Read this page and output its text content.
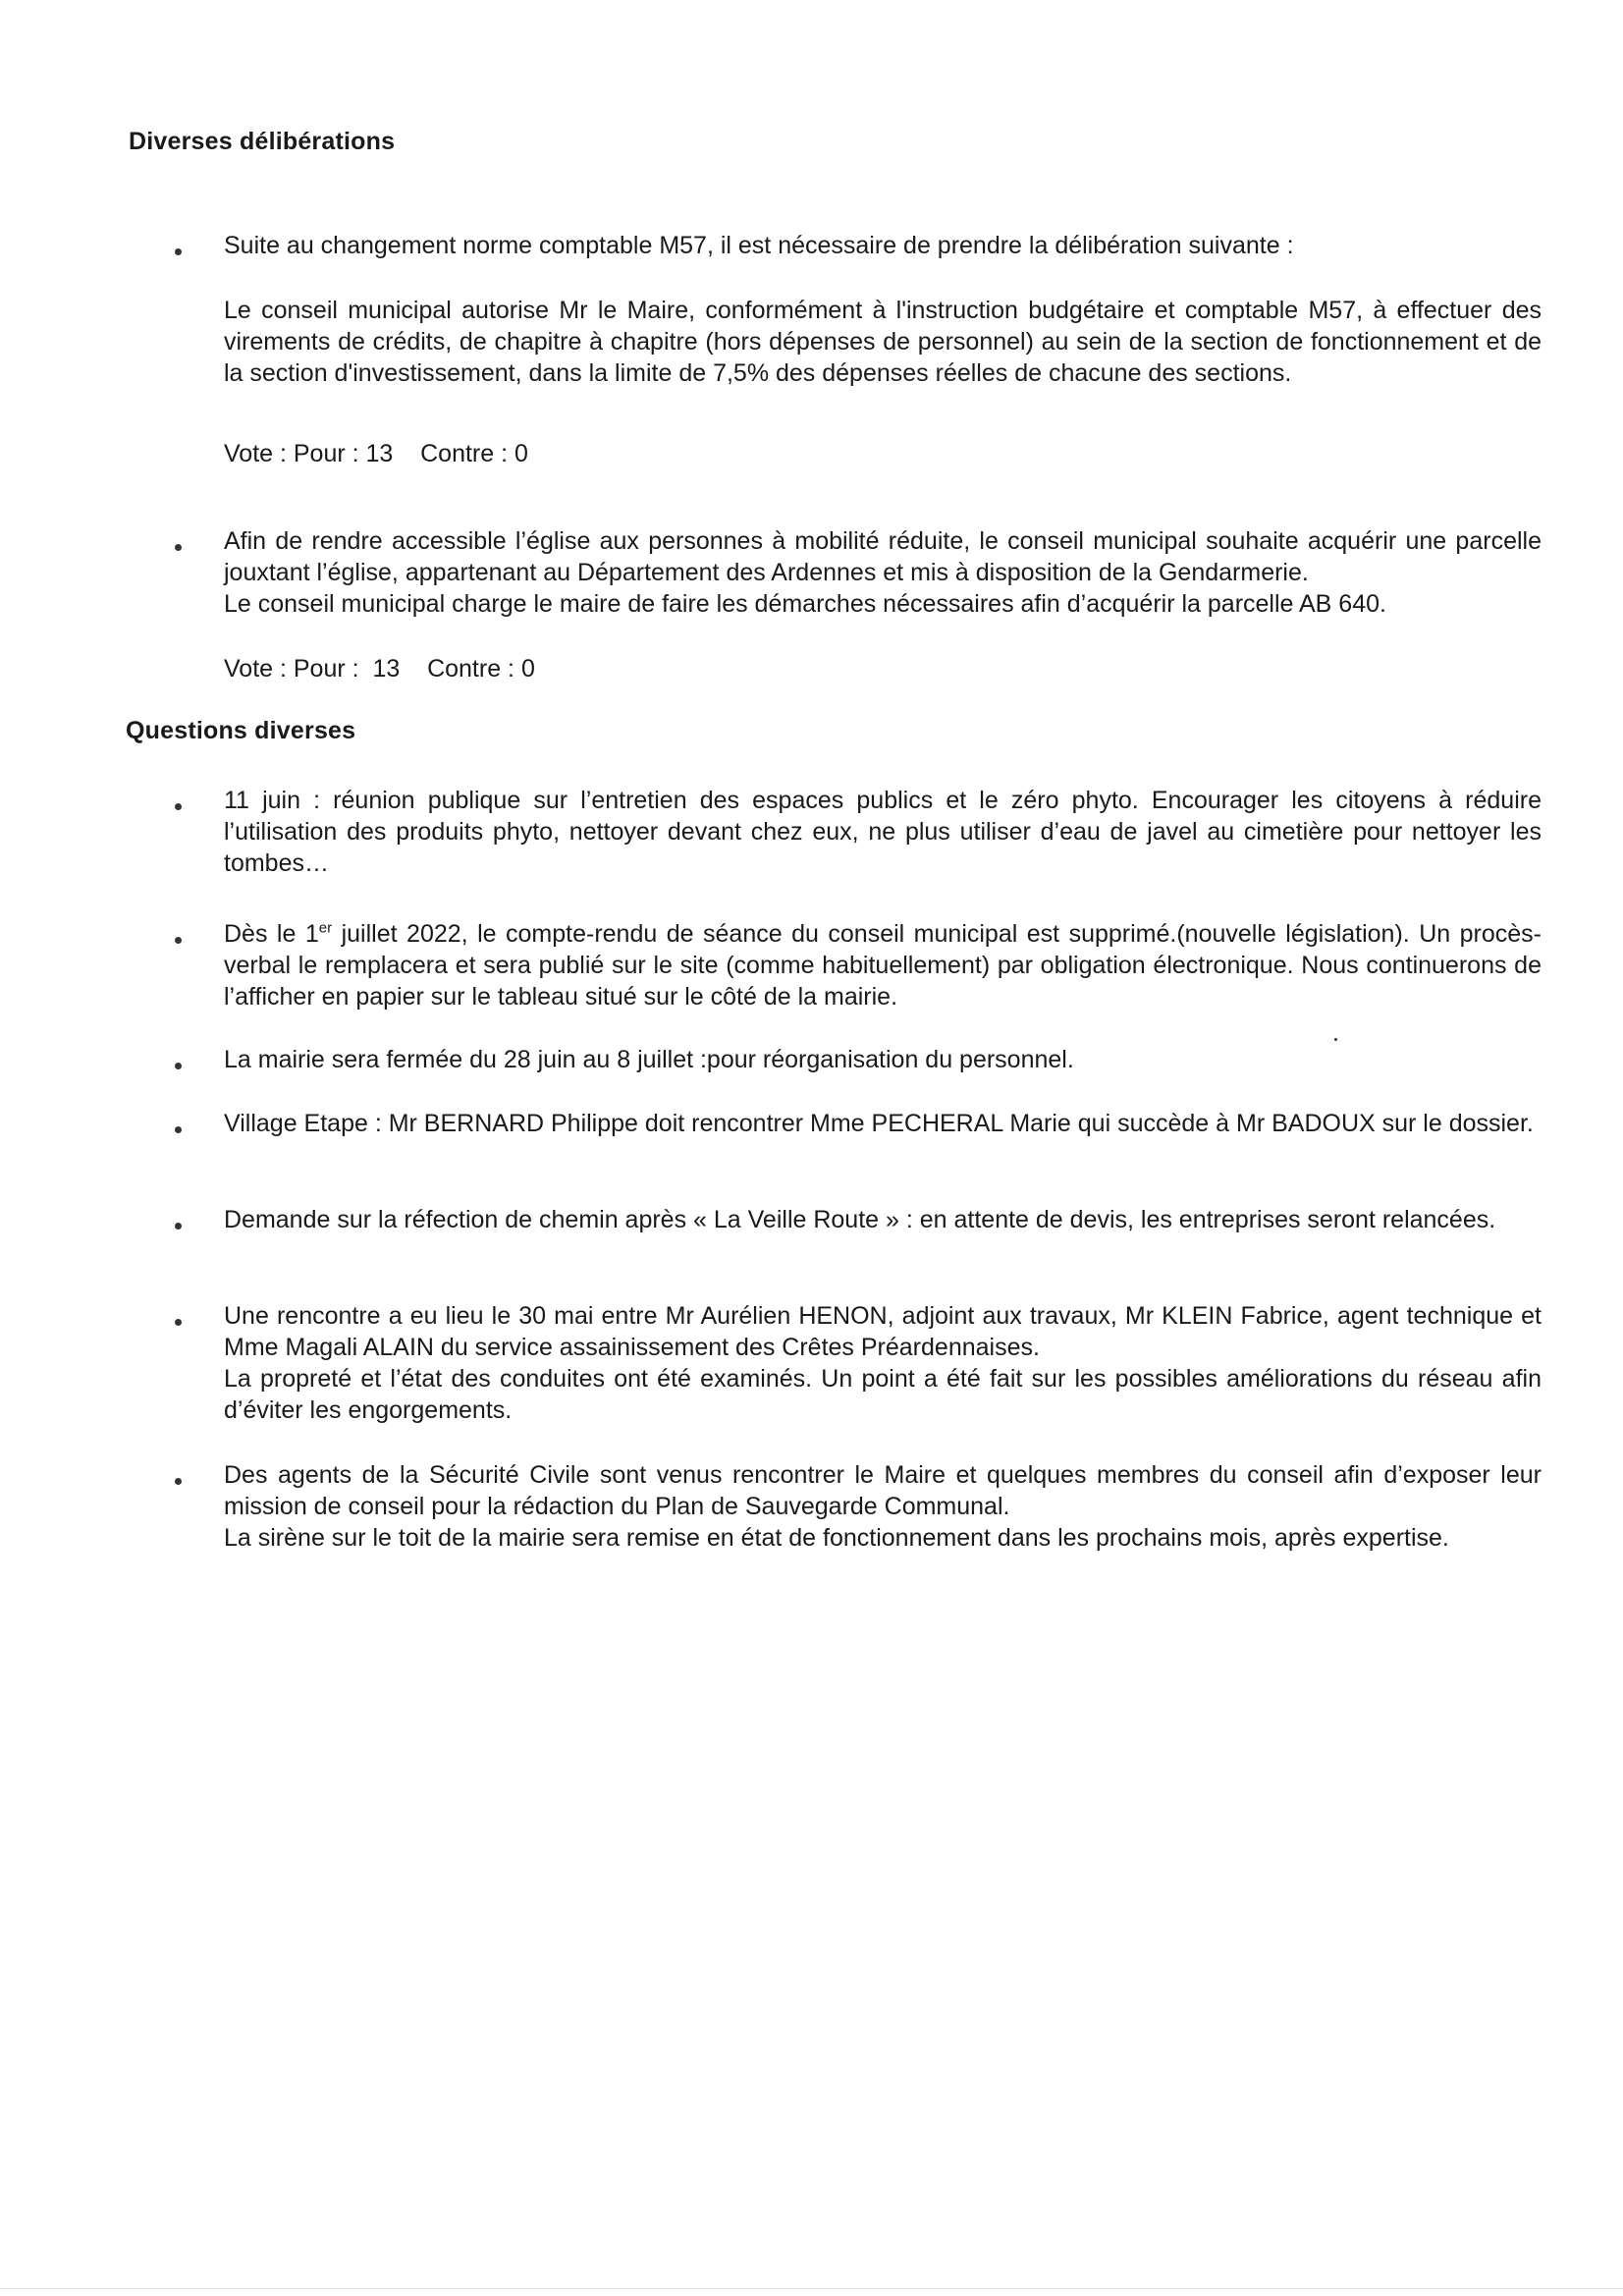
Diverses délibérations

Suite au changement norme comptable M57, il est nécessaire de prendre la délibération suivante :

Le conseil municipal autorise Mr le Maire, conformément à l'instruction budgétaire et comptable M57, à effectuer des virements de crédits, de chapitre à chapitre (hors dépenses de personnel) au sein de la section de fonctionnement et de la section d'investissement, dans la limite de 7,5% des dépenses réelles de chacune des sections.

Vote : Pour : 13    Contre : 0

Afin de rendre accessible l’église aux personnes à mobilité réduite, le conseil municipal souhaite acquérir une parcelle jouxtant l’église, appartenant au Département des Ardennes et mis à disposition de la Gendarmerie.

Le conseil municipal charge le maire de faire les démarches nécessaires afin d’acquérir la parcelle AB 640.

Vote : Pour :  13    Contre : 0

Questions diverses

11 juin : réunion publique sur l’entretien des espaces publics et le zéro phyto. Encourager les citoyens à réduire l’utilisation des produits phyto, nettoyer devant chez eux, ne plus utiliser d’eau de javel au cimetière pour nettoyer les tombes…

Dès le 1er juillet 2022, le compte-rendu de séance du conseil municipal est supprimé.(nouvelle législation). Un procès-verbal le remplacera et sera publié sur le site (comme habituellement) par obligation électronique. Nous continuerons de l’afficher en papier sur le tableau situé sur le côté de la mairie.

La mairie sera fermée du 28 juin au 8 juillet :pour réorganisation du personnel.

Village Etape : Mr BERNARD Philippe doit rencontrer Mme PECHERAL Marie qui succède à Mr BADOUX sur le dossier.

Demande sur la réfection de chemin après « La Veille Route » : en attente de devis, les entreprises seront relancées.

Une rencontre a eu lieu le 30 mai entre Mr Aurélien HENON, adjoint aux travaux, Mr KLEIN Fabrice, agent technique et Mme Magali ALAIN du service assainissement des Crêtes Préardennaises.

La propreté et l’état des conduites ont été examinés. Un point a été fait sur les possibles améliorations du réseau afin d’éviter les engorgements.

Des agents de la Sécurité Civile sont venus rencontrer le Maire et quelques membres du conseil afin d’exposer leur mission de conseil pour la rédaction du Plan de Sauvegarde Communal.

La sirène sur le toit de la mairie sera remise en état de fonctionnement dans les prochains mois, après expertise.
